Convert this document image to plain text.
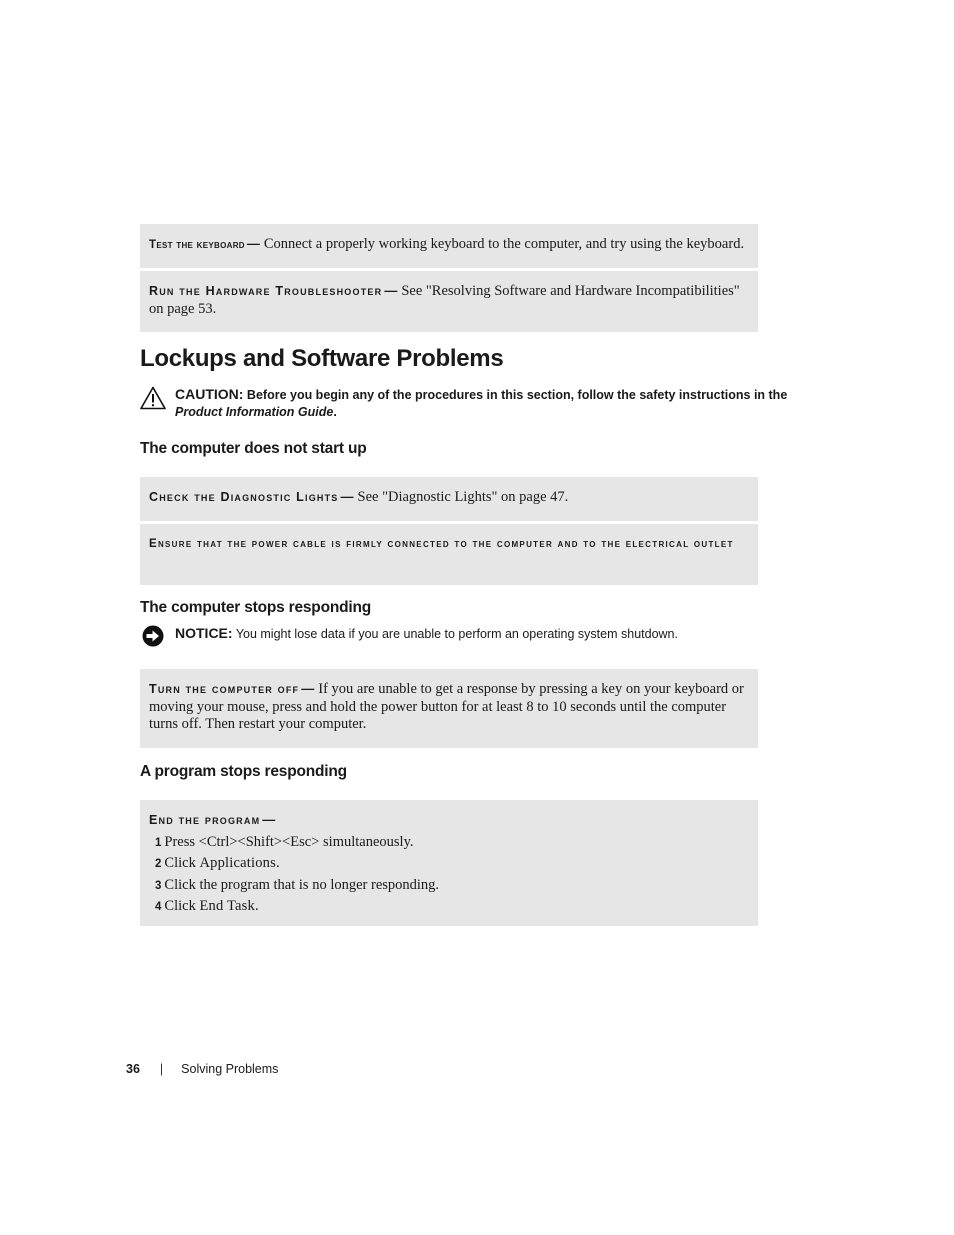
Test the keyboard — Connect a properly working keyboard to the computer, and try using the keyboard.
Run the Hardware Troubleshooter — See "Resolving Software and Hardware Incompatibilities" on page 53.
Lockups and Software Problems
CAUTION: Before you begin any of the procedures in this section, follow the safety instructions in the Product Information Guide.
The computer does not start up
Check the Diagnostic Lights — See "Diagnostic Lights" on page 47.
Ensure that the power cable is firmly connected to the computer and to the electrical outlet
The computer stops responding
NOTICE: You might lose data if you are unable to perform an operating system shutdown.
Turn the computer off — If you are unable to get a response by pressing a key on your keyboard or moving your mouse, press and hold the power button for at least 8 to 10 seconds until the computer turns off. Then restart your computer.
A program stops responding
End the program —
1 Press <Ctrl><Shift><Esc> simultaneously.
2 Click Applications.
3 Click the program that is no longer responding.
4 Click End Task.
36 | Solving Problems
